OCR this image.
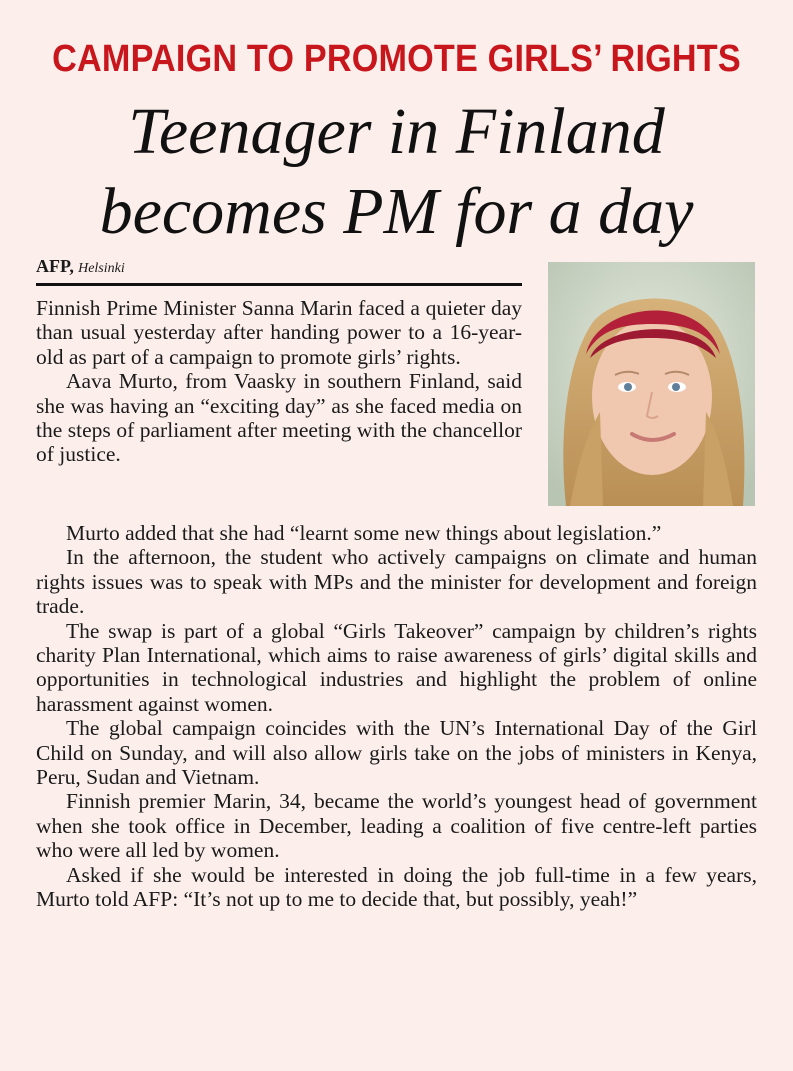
CAMPAIGN TO PROMOTE GIRLS’ RIGHTS
Teenager in Finland
becomes PM for a day
AFP, Helsinki

Finnish Prime Minister Sanna Marin faced a quieter day than usual yesterday after handing power to a 16-year-old as part of a campaign to promote girls’ rights.

Aava Murto, from Vaasky in southern Finland, said she was having an “exciting day” as she faced media on the steps of parliament after meeting with the chancellor of justice.

Murto added that she had “learnt some new things about legislation.”

In the afternoon, the student who actively campaigns on climate and human rights issues was to speak with MPs and the minister for development and foreign trade.

The swap is part of a global “Girls Takeover” campaign by children’s rights charity Plan International, which aims to raise awareness of girls’ digital skills and opportunities in technological industries and highlight the problem of online harassment against women.

The global campaign coincides with the UN’s International Day of the Girl Child on Sunday, and will also allow girls take on the jobs of ministers in Kenya, Peru, Sudan and Vietnam.

Finnish premier Marin, 34, became the world’s youngest head of government when she took office in December, leading a coalition of five centre-left parties who were all led by women.

Asked if she would be interested in doing the job full-time in a few years, Murto told AFP: “It’s not up to me to decide that, but possibly, yeah!”
